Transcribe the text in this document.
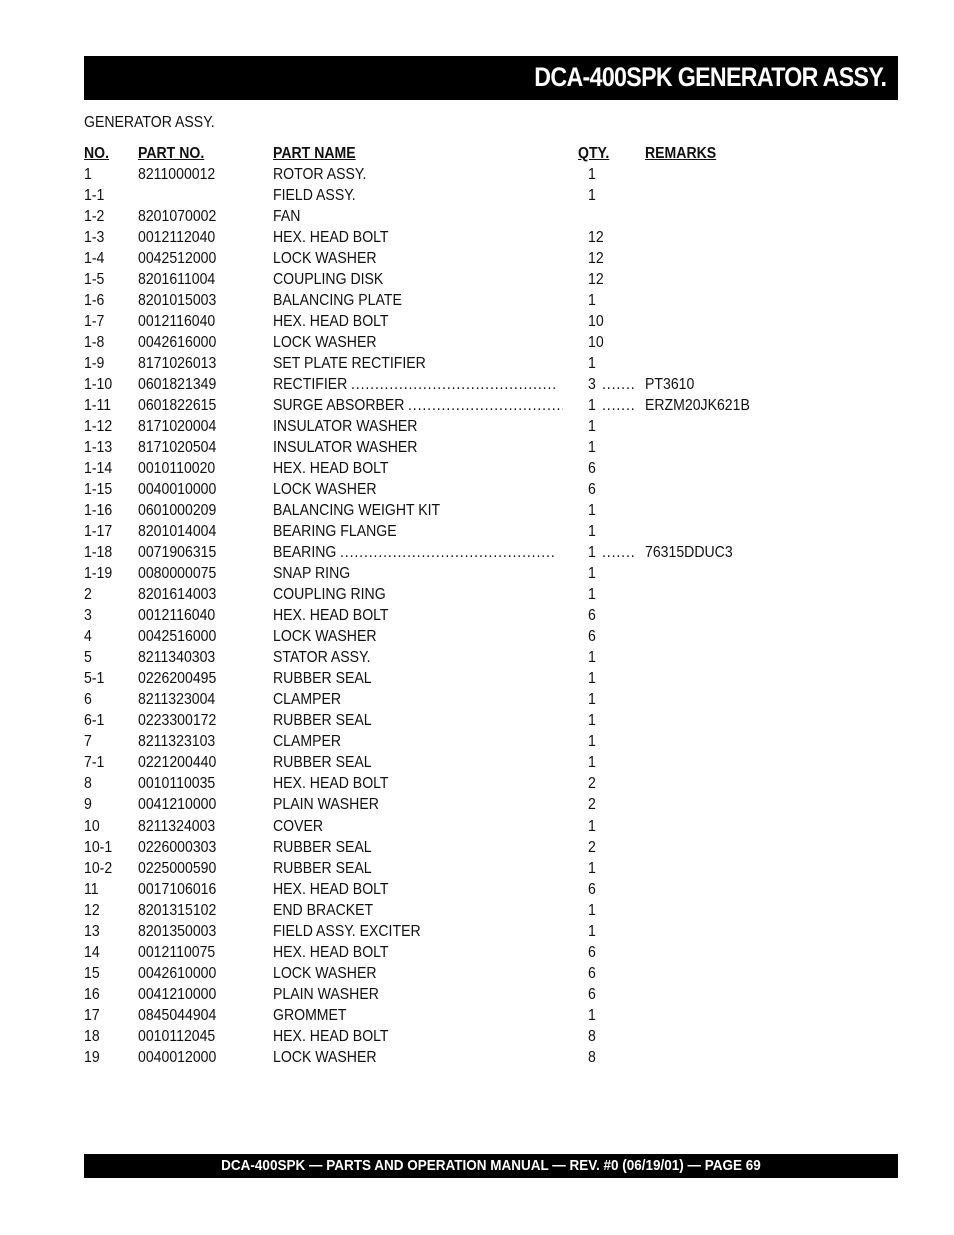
DCA-400SPK GENERATOR ASSY.
GENERATOR ASSY.
NO. PART NO.	PART NAME	QTY. REMARKS
1	8211000012	ROTOR ASSY.	1
1-1	FIELD ASSY.	1
1-2 8201070002	FAN
1-3 0012112040	HEX. HEAD BOLT	12
1-4 0042512000	LOCK WASHER	12
1-5 8201611004	COUPLING DISK	12
1-6 8201015003	BALANCING PLATE	1
1-7 0012116040	HEX. HEAD BOLT	10
1-8 0042616000	LOCK WASHER	10
1-9 8171026013	SET PLATE RECTIFIER	1
1-10 0601821349	RECTIFIER	3	PT3610
.....
.....
1-11 0601822615	SURGE ABSORBER	1	ERZM20JK621B
.....
.....
1-12 8171020004	INSULATOR WASHER	1
1-13 8171020504	INSULATOR WASHER	1
1-14 0010110020	HEX. HEAD BOLT	6
1-15 0040010000	LOCK WASHER	6
1-16 0601000209	BALANCING WEIGHT KIT	1
1-17 8201014004	BEARING FLANGE	1
1-18 0071906315	BEARING	1	76315DDUC3
.....
.....
1-19 0080000075	SNAP RING	1
2	8201614003	COUPLING RING	1
3	0012116040	HEX. HEAD BOLT	6
4	0042516000	LOCK WASHER	6
5	8211340303	STATOR ASSY.	1
5-1 0226200495	RUBBER SEAL	1
6	8211323004	CLAMPER	1
6-1 0223300172	RUBBER SEAL	1
7	8211323103	CLAMPER	1
7-1 0221200440	RUBBER SEAL	1
8	0010110035	HEX. HEAD BOLT	2
9	0041210000	PLAIN WASHER	2
10 8211324003	COVER	1
10-1 0226000303	RUBBER SEAL	2
10-2 0225000590	RUBBER SEAL	1
11 0017106016	HEX. HEAD BOLT	6
12 8201315102	END BRACKET	1
13 8201350003	FIELD ASSY. EXCITER	1
14 0012110075	HEX. HEAD BOLT	6
15 0042610000	LOCK WASHER	6
16 0041210000	PLAIN WASHER	6
17 0845044904	GROMMET	1
18 0010112045	HEX. HEAD BOLT	8
19 0040012000	LOCK WASHER	8
DCA-400SPK — PARTS AND OPERATION MANUAL — REV. #0 (06/19/01) — PAGE 69
